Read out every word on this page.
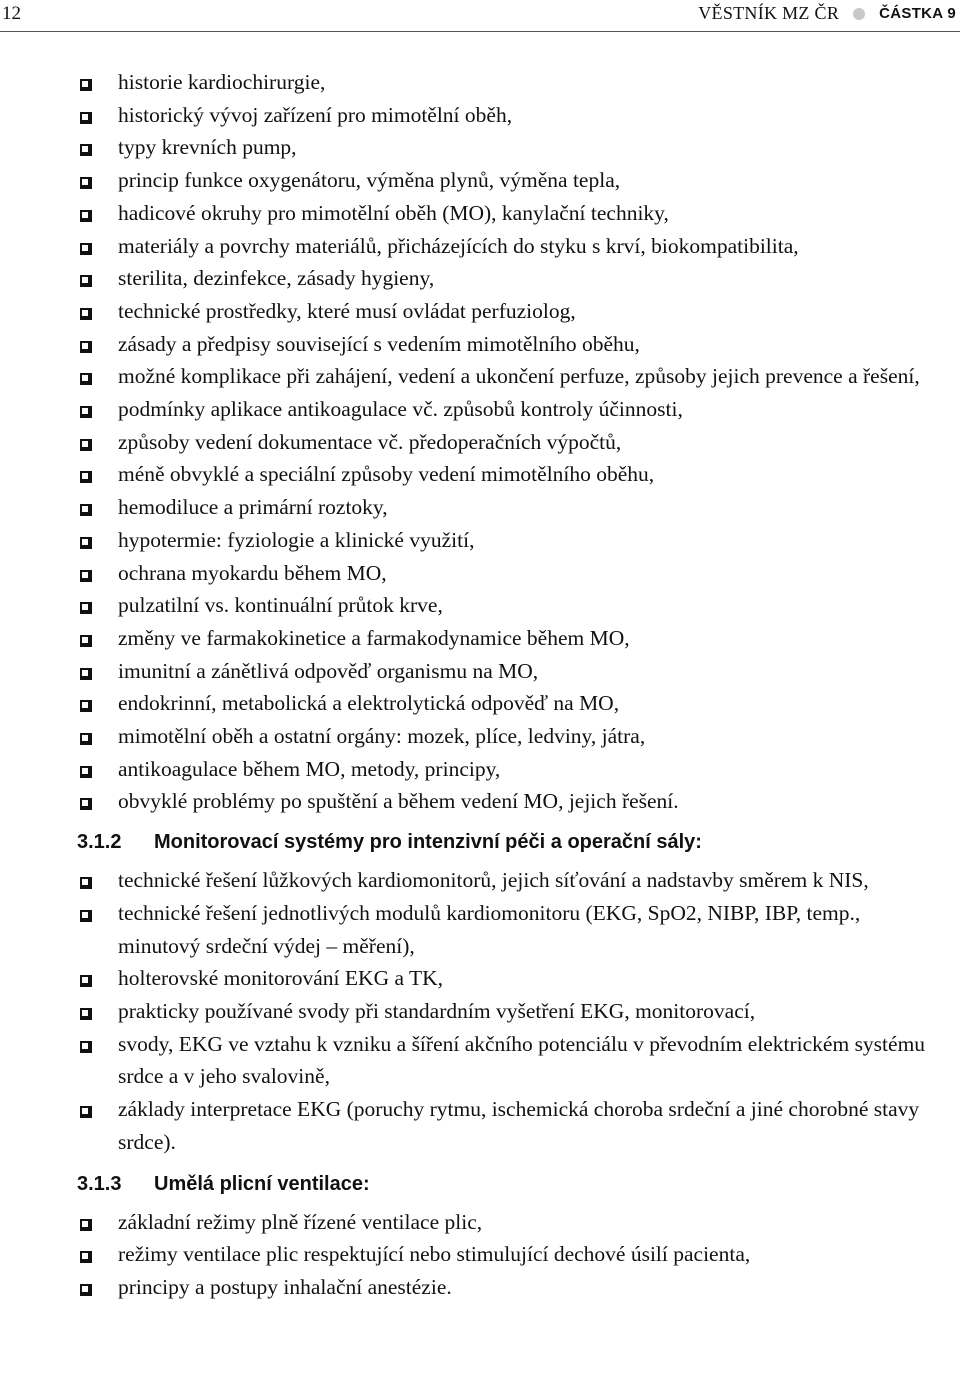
12	VĚSTNÍK MZ ČR	ČÁSTKA 9
historie kardiochirurgie,
historický vývoj zařízení pro mimotělní oběh,
typy krevních pump,
princip funkce oxygenátoru, výměna plynů, výměna tepla,
hadicové okruhy pro mimotělní oběh (MO), kanylační techniky,
materiály a povrchy materiálů, přicházejících do styku s krví, biokompatibilita,
sterilita, dezinfekce, zásady hygieny,
technické prostředky, které musí ovládat perfuziolog,
zásady a předpisy související s vedením mimotělního oběhu,
možné komplikace při zahájení, vedení a ukončení perfuze, způsoby jejich prevence a řešení,
podmínky aplikace antikoagulace vč. způsobů kontroly účinnosti,
způsoby vedení dokumentace vč. předoperačních výpočtů,
méně obvyklé a speciální způsoby vedení mimotělního oběhu,
hemodiluce a primární roztoky,
hypotermie: fyziologie a klinické využití,
ochrana myokardu během MO,
pulzatilní vs. kontinuální průtok krve,
změny ve farmakokinetice a farmakodynamice během MO,
imunitní a zánětlivá odpověď organismu na MO,
endokrinní, metabolická a elektrolytická odpověď na MO,
mimotělní oběh a ostatní orgány: mozek, plíce, ledviny, játra,
antikoagulace během MO, metody, principy,
obvyklé problémy po spuštění a během vedení MO, jejich řešení.
3.1.2	Monitorovací systémy pro intenzivní péči a operační sály:
technické řešení lůžkových kardiomonitorů, jejich síťování a nadstavby směrem k NIS,
technické řešení jednotlivých modulů kardiomonitoru (EKG, SpO2, NIBP, IBP, temp., minutový srdeční výdej – měření),
holterovské monitorování EKG a TK,
prakticky používané svody při standardním vyšetření EKG, monitorovací,
svody, EKG ve vztahu k vzniku a šíření akčního potenciálu v převodním elektrickém systému srdce a v jeho svalovině,
základy interpretace EKG (poruchy rytmu, ischemická choroba srdeční a jiné chorobné stavy srdce).
3.1.3	Umělá plicní ventilace:
základní režimy plně řízené ventilace plic,
režimy ventilace plic respektující nebo stimulující dechové úsilí pacienta,
principy a postupy inhalační anestézie.
